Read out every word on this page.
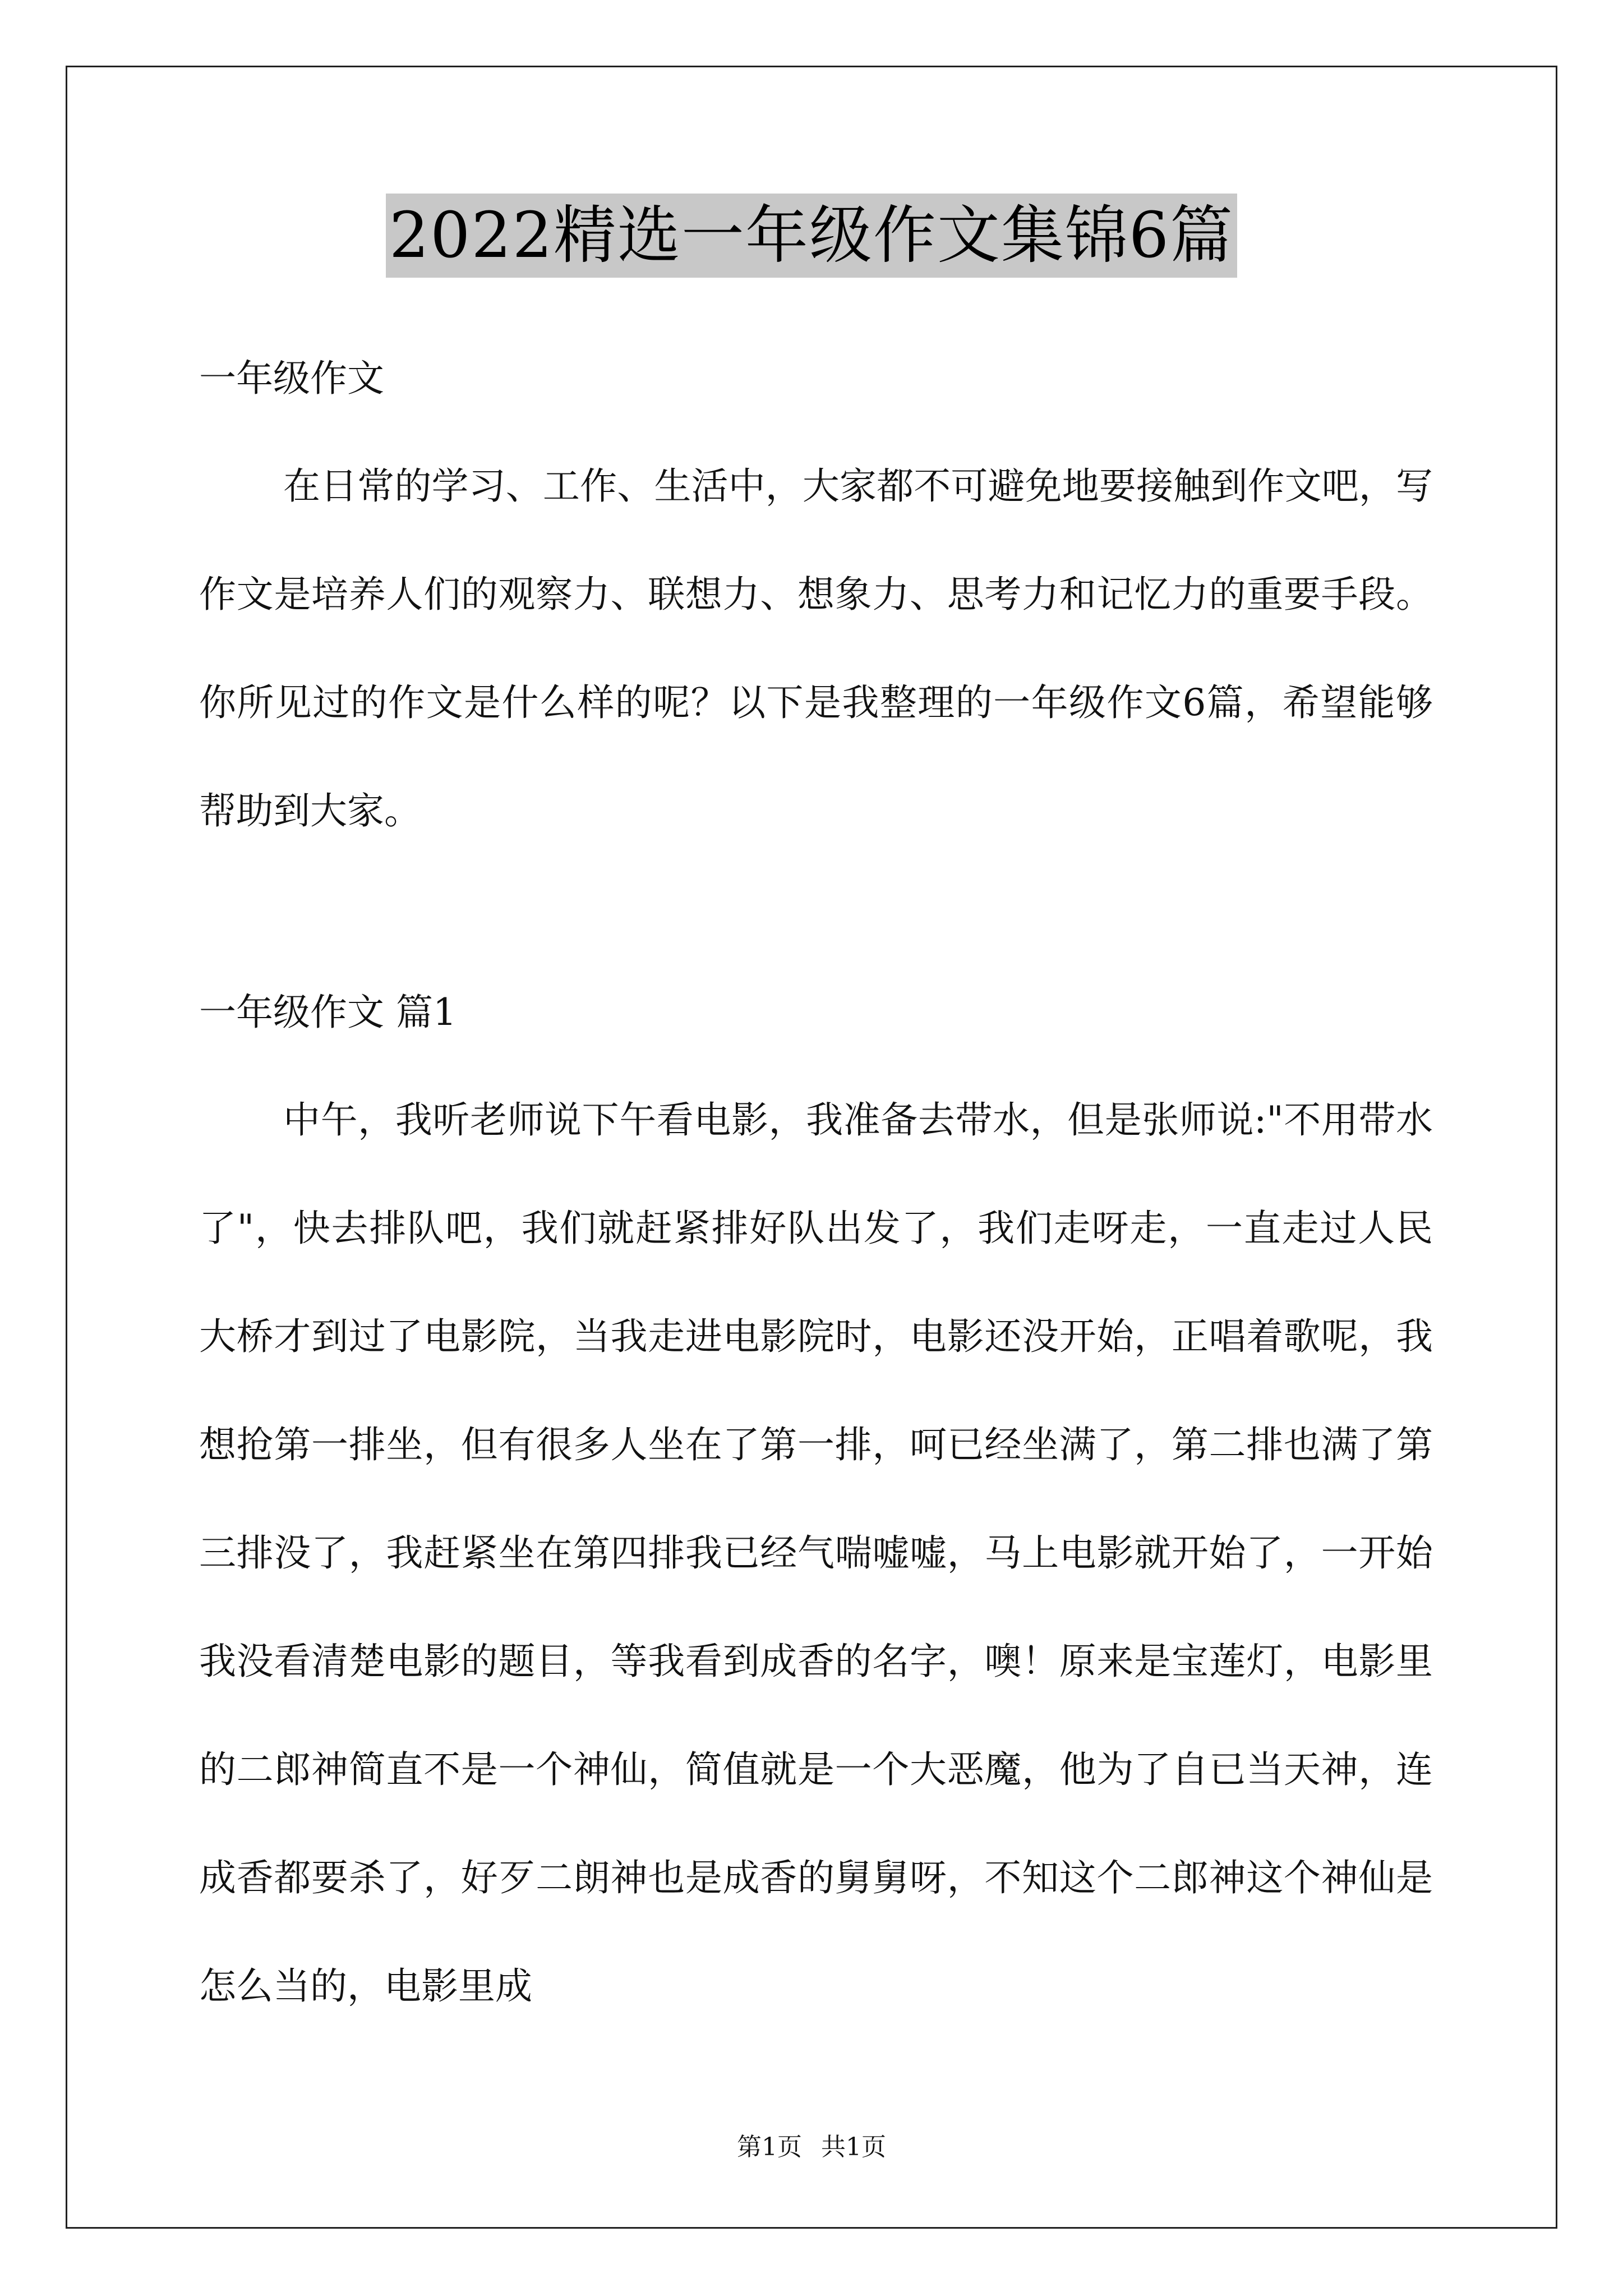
2022精选一年级作文集锦6篇

一年级作文

在日常的学习、工作、生活中，大家都不可避免地要接触到作文吧，写作文是培养人们的观察力、联想力、想象力、思考力和记忆力的重要手段。你所见过的作文是什么样的呢？以下是我整理的一年级作文6篇，希望能够帮助到大家。

一年级作文 篇1

中午，我听老师说下午看电影，我准备去带水，但是张师说:"不用带水了"，快去排队吧，我们就赶紧排好队出发了，我们走呀走，一直走过人民大桥才到过了电影院，当我走进电影院时，电影还没开始，正唱着歌呢，我想抢第一排坐，但有很多人坐在了第一排，呵已经坐满了，第二排也满了第三排没了，我赶紧坐在第四排我已经气喘嘘嘘，马上电影就开始了，一开始我没看清楚电影的题目，等我看到成香的名字，噢！原来是宝莲灯，电影里的二郎神简直不是一个神仙，简值就是一个大恶魔，他为了自已当天神，连成香都要杀了，好歹二朗神也是成香的舅舅呀，不知这个二郎神这个神仙是怎么当的，电影里成

第1页 共1页
